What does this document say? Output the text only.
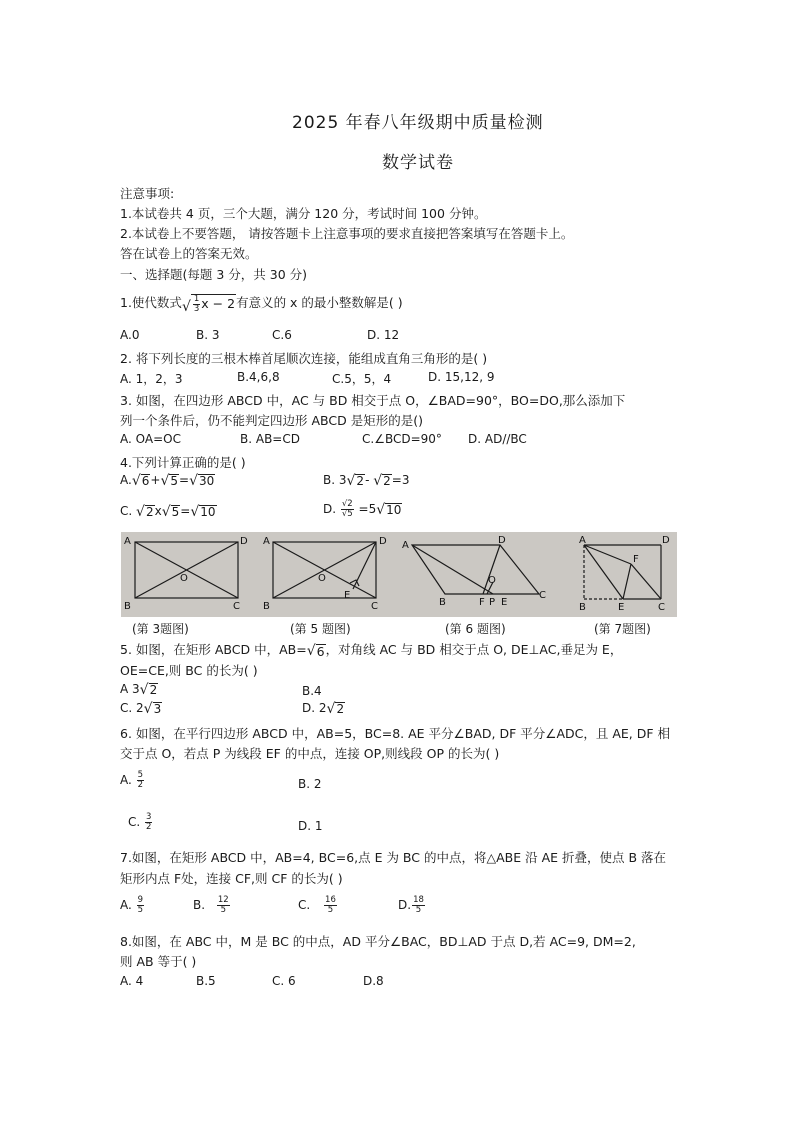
2025 年春八年级期中质量检测
数学试卷
注意事项:
1.本试卷共 4 页，三个大题，满分 120 分，考试时间 100 分钟。
2.本试卷上不要答题， 请按答题卡上注意事项的要求直接把答案填写在答题卡上。
答在试卷上的答案无效。
一、选择题(每题 3 分，共 30 分)
1.使代数式 √ $\frac{1}{3}$ x − 2 有意义的 x 的最小整数解是( )
A.0	B. 3	C.6	D. 12
2. 将下列长度的三根木棒首尾顺次连接，能组成直角三角形的是( )
A. 1，2，3	B.4,6,8	C.5，5，4	D. 15,12, 9
3. 如图，在四边形 ABCD 中，AC 与 BD 相交于点 O，∠BAD=90°，BO=DO,那么添加下
列一个条件后，仍不能判定四边形 ABCD 是矩形的是()
A. OA=OC	B. AB=CD	C.∠BCD=90° D. AD//BC
4.下列计算正确的是( )
A. √ 6 + √ 5 = √ 30	B. 3 √ 2 - √ 2 =3
C. √ 2 x √ 5 = √ 10	D. $\frac{√2}{√5} =5$ √ 10
A	D
O
B	C
A	D
O
E
B	C
A	D
O
B	F P E
C
A	D
F
B	E	C
(第 3题图)	(第 5 题图)	(第 6 题图)	(第 7题图)
5. 如图，在矩形 ABCD 中，AB= √ 6 ，对角线 AC 与 BD 相交于点 O, DE⊥AC,垂足为 E，
OE=CE,则 BC 的长为( )
A 3 √ 2	B.4
C. 2 √ 3	D. 2 √ 2
6. 如图，在平行四边形 ABCD 中，AB=5，BC=8. AE 平分∠BAD, DF 平分∠ADC，且 AE, DF 相
交于点 O，若点 P 为线段 EF 的中点，连接 OP,则线段 OP 的长为( )
A. $\frac{5}{2}$	B. 2
C. $\frac{3}{2}$	D. 1
7.如图，在矩形 ABCD 中，AB=4, BC=6,点 E 为 BC 的中点，将△ABE 沿 AE 折叠，使点 B 落在
矩形内点 F处，连接 CF,则 CF 的长为( )
A. $\frac{9}{5}$	B. $\frac{12}{5}$	C. $\frac{16}{5}$	D. $\frac{18}{5}$
8.如图，在 ABC 中，M 是 BC 的中点，AD 平分∠BAC，BD⊥AD 于点 D,若 AC=9, DM=2,
则 AB 等于( )
A. 4	B.5	C. 6	D.8
